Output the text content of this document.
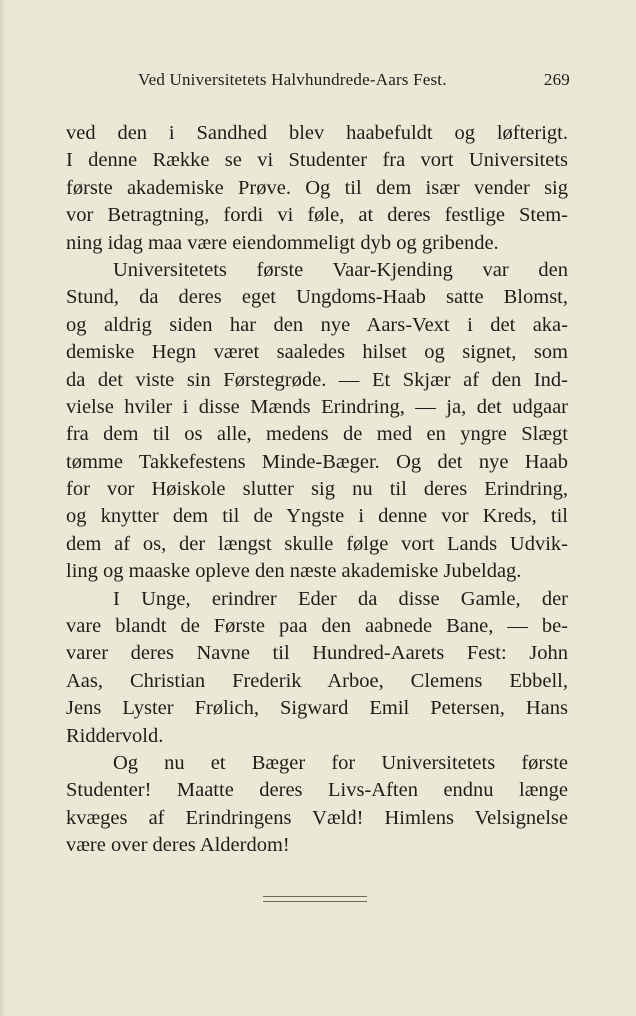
Ved Universitetets Halvhundrede-Aars Fest.	269
ved den i Sandhed blev haabefuldt og løfterigt.
I denne Række se vi Studenter fra vort Universitets
første akademiske Prøve. Og til dem især vender sig
vor Betragtning, fordi vi føle, at deres festlige Stem-
ning idag maa være eiendommeligt dyb og gribende.
Universitetets første Vaar-Kjending var den
Stund, da deres eget Ungdoms-Haab satte Blomst,
og aldrig siden har den nye Aars-Vext i det aka-
demiske Hegn været saaledes hilset og signet, som
da det viste sin Førstegrøde. — Et Skjær af den Ind-
vielse hviler i disse Mænds Erindring, — ja, det udgaar
fra dem til os alle, medens de med en yngre Slægt
tømme Takkefestens Minde-Bæger. Og det nye Haab
for vor Høiskole slutter sig nu til deres Erindring,
og knytter dem til de Yngste i denne vor Kreds, til
dem af os, der længst skulle følge vort Lands Udvik-
ling og maaske opleve den næste akademiske Jubeldag.
I Unge, erindrer Eder da disse Gamle, der
vare blandt de Første paa den aabnede Bane, — be-
varer deres Navne til Hundred-Aarets Fest: John
Aas, Christian Frederik Arboe, Clemens Ebbell,
Jens Lyster Frølich, Sigward Emil Petersen, Hans
Riddervold.
Og nu et Bæger for Universitetets første
Studenter! Maatte deres Livs-Aften endnu længe
kvæges af Erindringens Væld! Himlens Velsignelse
være over deres Alderdom!
